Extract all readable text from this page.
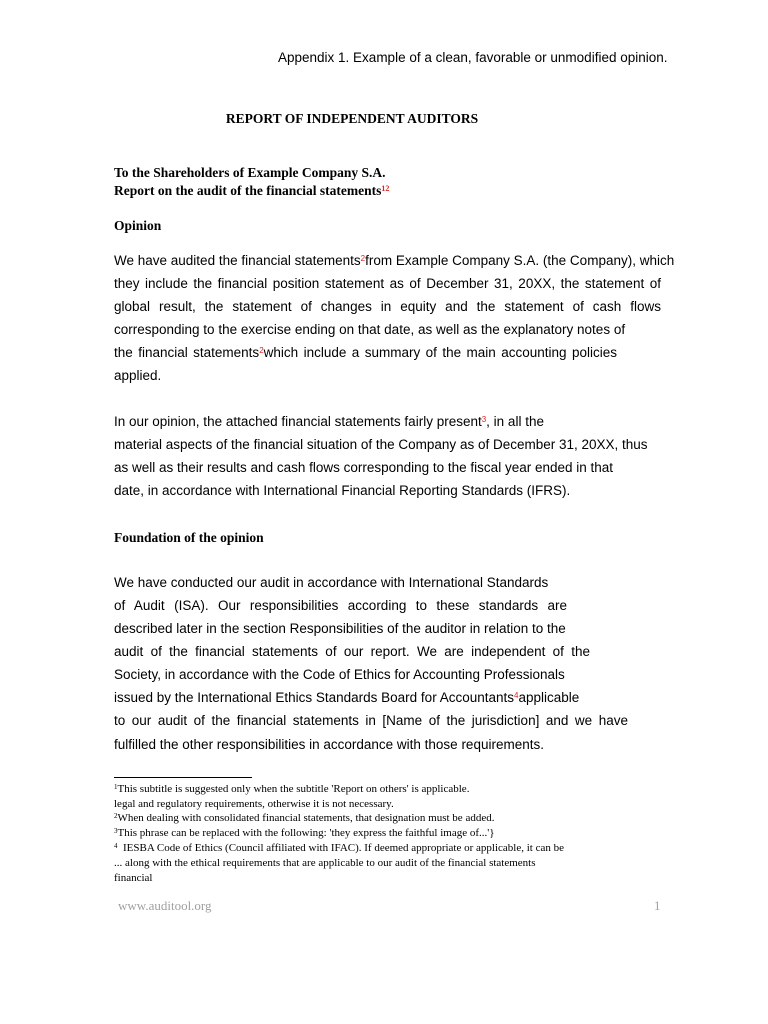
Appendix 1. Example of a clean, favorable or unmodified opinion.

REPORT OF INDEPENDENT AUDITORS

To the Shareholders of Example Company S.A.

Report on the audit of the financial statements$^{12}$

Opinion

We have audited the financial statements$^2$from Example Company S.A. (the Company), which

they include the financial position statement as of December 31, 20XX, the statement of

global result, the statement of changes in equity and the statement of cash flows

corresponding to the exercise ending on that date, as well as the explanatory notes of

the financial statements$^2$which include a summary of the main accounting policies

applied.

In our opinion, the attached financial statements fairly present$^3$, in all the

material aspects of the financial situation of the Company as of December 31, 20XX, thus

as well as their results and cash flows corresponding to the fiscal year ended in that

date, in accordance with International Financial Reporting Standards (IFRS).

Foundation of the opinion

We have conducted our audit in accordance with International Standards

of Audit (ISA). Our responsibilities according to these standards are

described later in the section Responsibilities of the auditor in relation to the

audit of the financial statements of our report. We are independent of the

Society, in accordance with the Code of Ethics for Accounting Professionals

issued by the International Ethics Standards Board for Accountants$^4$applicable

to our audit of the financial statements in [Name of the jurisdiction] and we have

fulfilled the other responsibilities in accordance with those requirements.

$^1$This subtitle is suggested only when the subtitle 'Report on others' is applicable.

legal and regulatory requirements, otherwise it is not necessary.

$^2$When dealing with consolidated financial statements, that designation must be added.

$^3$This phrase can be replaced with the following: 'they express the faithful image of...'}

$^4$ IESBA Code of Ethics (Council affiliated with IFAC). If deemed appropriate or applicable, it can be

... along with the ethical requirements that are applicable to our audit of the financial statements

financial

www.auditool.org	1
